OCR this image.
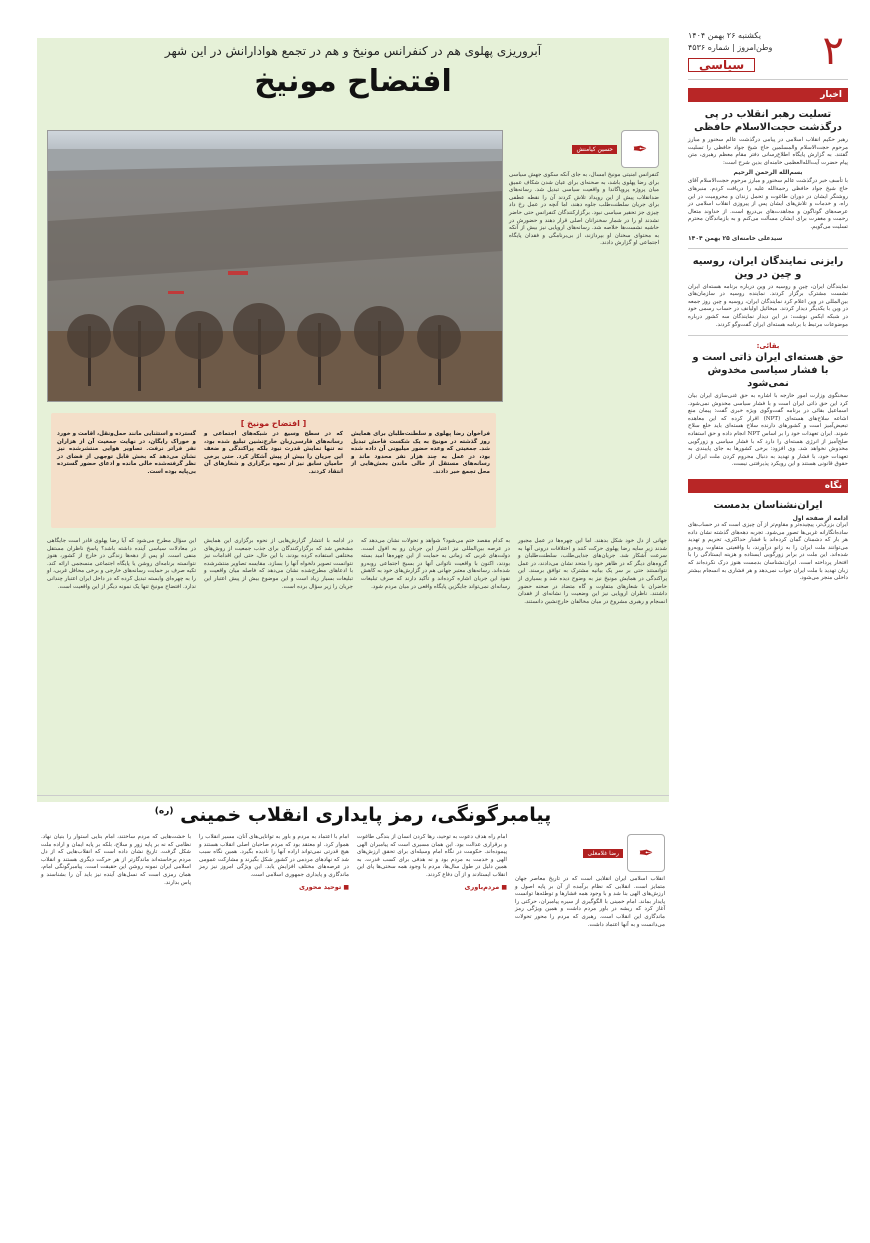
۲
یکشنبه ۲۶ بهمن ۱۴۰۴
وطن‌امروز | شماره ۴۵۳۶
سیاسی
اخبار
تسلیت رهبر انقلاب در پی درگذشت حجت‌الاسلام حافظی

رهبر حکیم انقلاب اسلامی در پیامی درگذشت عالم سخنور و مبارز مرحوم حجت‌الاسلام والمسلمین حاج شیخ جواد حافظی را تسلیت گفتند. به گزارش پایگاه اطلاع‌رسانی دفتر مقام معظم رهبری، متن پیام حضرت آیت‌الله‌العظمی خامنه‌ای بدین شرح است:

بسم‌الله الرحمن الرحیم

با تأسف خبر درگذشت عالم سخنور و مبارز مرحوم حجت‌الاسلام آقای حاج شیخ جواد حافظی رحمةالله علیه را دریافت کردم. منبرهای روشنگر ایشان در دوران طاغوت و تحمل زندان و محرومیت در این راه، و خدمات و تلاش‌های ایشان پس از پیروزی انقلاب اسلامی در عرصه‌های گوناگون و مجاهدت‌های بی‌دریغ است. از خداوند متعال رحمت و مغفرت برای ایشان مسألت می‌کنم و به بازماندگان محترم تسلیت می‌گویم.

سیدعلی خامنه‌ای ۲۵ بهمن ۱۴۰۴
رایزنی نمایندگان ایران، روسیه و چین در وین

نمایندگان ایران، چین و روسیه در وین درباره برنامه هسته‌ای ایران نشست مشترک برگزار کردند. نماینده روسیه در سازمان‌های بین‌المللی در وین اعلام کرد نمایندگان ایران، روسیه و چین روز جمعه در وین با یکدیگر دیدار کردند. میخائیل اولیانف در حساب رسمی خود در شبکه ایکس نوشت: در این دیدار نمایندگان سه کشور درباره موضوعات مرتبط با برنامه هسته‌ای ایران گفت‌وگو کردند.

بقائی:
حق هسته‌ای ایران ذاتی است و با فشار سیاسی مخدوش نمی‌شود

سخنگوی وزارت امور خارجه با اشاره به حق غنی‌سازی ایران بیان کرد این حق ذاتی ایران است و با فشار سیاسی مخدوش نمی‌شود. اسماعیل بقائی در برنامه گفت‌وگوی ویژه خبری گفت: پیمان منع اشاعه سلاح‌های هسته‌ای (NPT) اقرار کرده که این معاهده تبعیض‌آمیز است و کشورهای دارنده سلاح هسته‌ای باید خلع سلاح شوند. ایران تعهدات خود را بر اساس NPT انجام داده و حق استفاده صلح‌آمیز از انرژی هسته‌ای را دارد که با فشار سیاسی و زورگویی مخدوش نخواهد شد. وی افزود: برخی کشورها به جای پایبندی به تعهدات خود، با فشار و تهدید به دنبال محروم کردن ملت ایران از حقوق قانونی هستند و این رویکرد پذیرفتنی نیست.

نگاه
ایران‌نشناسان بدمست
ادامه از صفحه اول

ایران بزرگ‌تر، پیچیده‌تر و مقاوم‌تر از آن چیزی است که در حساب‌های ساده‌انگارانه غربی‌ها تصور می‌شود. تجربه دهه‌های گذشته نشان داده هر بار که دشمنان گمان کرده‌اند با فشار حداکثری، تحریم و تهدید می‌توانند ملت ایران را به زانو درآورند، با واقعیتی متفاوت روبه‌رو شده‌اند. این ملت در برابر زورگویی ایستاده و هزینه ایستادگی را با افتخار پرداخته است. ایران‌نشناسان بدمست هنوز درک نکرده‌اند که زبان تهدید با ملت ایران جواب نمی‌دهد و هر فشاری به انسجام بیشتر داخلی منجر می‌شود.

آبروریزی پهلوی هم در کنفرانس مونیخ و هم در تجمع هوادارانش در این شهر

افتضاح مونیخ
✒
حسین کیامنش

کنفرانس امنیتی مونیخ امسال، به جای آنکه سکوی جهش سیاسی برای رضا پهلوی باشد، به صحنه‌ای برای عیان شدن شکاف عمیق میان پروژه پروپاگاندا و واقعیت سیاسی تبدیل شد. رسانه‌های ضدانقلاب پیش از این رویداد تلاش کردند آن را نقطه عطفی برای جریان سلطنت‌طلب جلوه دهند، اما آنچه در عمل رخ داد چیزی جز تحقیر سیاسی نبود. برگزارکنندگان کنفرانس حتی حاضر نشدند او را در شمار سخنرانان اصلی قرار دهند و حضورش در حاشیه نشست‌ها خلاصه شد. رسانه‌های اروپایی نیز بیش از آنکه به محتوای سخنان او بپردازند، از بی‌برنامگی و فقدان پایگاه اجتماعی او گزارش دادند.

[ افتضاح مونیخ ]

فراخوان رضا پهلوی و سلطنت‌طلبان برای همایش روز گذشته در مونیخ به یک شکست فاحش تبدیل شد. جمعیتی که وعده حضور میلیونی آن داده شده بود، در عمل به چند هزار نفر محدود ماند و رسانه‌های مستقل از خالی ماندن بخش‌هایی از محل تجمع خبر دادند.

که در سطح وسیع در شبکه‌های اجتماعی و رسانه‌های فارسی‌زبان خارج‌نشین تبلیغ شده بود، نه تنها نمایش قدرت نبود بلکه پراکندگی و ضعف این جریان را بیش از پیش آشکار کرد. حتی برخی حامیان سابق نیز از نحوه برگزاری و شعارهای آن انتقاد کردند.

گسترده و استثنایی مانند حمل‌ونقل، اقامت و خورد و خوراک رایگان، در نهایت جمعیت آن از هزاران نفر فراتر نرفت. تصاویر هوایی منتشرشده نیز نشان می‌دهد که بخش قابل توجهی از فضای در نظر گرفته‌شده خالی مانده و ادعای حضور گسترده بی‌پایه بوده است.

جهانی از دل خود شکل بدهند. اما این چهره‌ها در عمل مجبور شدند زیر سایه رضا پهلوی حرکت کنند و اختلافات درونی آنها به سرعت آشکار شد. جریان‌های جدایی‌طلب، سلطنت‌طلبان و گروه‌های دیگر که در ظاهر خود را متحد نشان می‌دادند، در عمل نتوانستند حتی بر سر یک بیانیه مشترک به توافق برسند. این پراکندگی در همایش مونیخ نیز به وضوح دیده شد و بسیاری از حاضران با شعارهای متفاوت و گاه متضاد در صحنه حضور داشتند. ناظران اروپایی نیز این وضعیت را نشانه‌ای از فقدان انسجام و رهبری مشروع در میان مخالفان خارج‌نشین دانستند.

به کدام مقصد ختم می‌شود؟ شواهد و تحولات نشان می‌دهد که در عرصه بین‌المللی نیز اعتبار این جریان رو به افول است. دولت‌های غربی که زمانی به حمایت از این چهره‌ها امید بسته بودند، اکنون با واقعیت ناتوانی آنها در بسیج اجتماعی روبه‌رو شده‌اند. رسانه‌های معتبر جهانی هم در گزارش‌های خود به کاهش نفوذ این جریان اشاره کرده‌اند و تأکید دارند که صرف تبلیغات رسانه‌ای نمی‌تواند جایگزین پایگاه واقعی در میان مردم شود.

در ادامه با انتشار گزارش‌هایی از نحوه برگزاری این همایش مشخص شد که برگزارکنندگان برای جذب جمعیت از روش‌های مختلفی استفاده کرده بودند. با این حال، حتی این اقدامات نیز نتوانست تصویر دلخواه آنها را بسازد. مقایسه تصاویر منتشرشده با ادعاهای مطرح‌شده نشان می‌دهد که فاصله میان واقعیت و تبلیغات بسیار زیاد است و این موضوع بیش از پیش اعتبار این جریان را زیر سؤال برده است.

این سؤال مطرح می‌شود که آیا رضا پهلوی قادر است جایگاهی در معادلات سیاسی آینده داشته باشد؟ پاسخ ناظران مستقل منفی است. او پس از دهه‌ها زندگی در خارج از کشور، هنوز نتوانسته برنامه‌ای روشن یا پایگاه اجتماعی منسجمی ارائه کند. تکیه صرف بر حمایت رسانه‌های خارجی و برخی محافل غربی، او را به چهره‌ای وابسته تبدیل کرده که در داخل ایران اعتبار چندانی ندارد. افتضاح مونیخ تنها یک نمونه دیگر از این واقعیت است.

پیامبرگونگی، رمز پایداری انقلاب خمینی $^{(ره)}$
✒
رضا غلامعلی

انقلاب اسلامی ایران انقلابی است که در تاریخ معاصر جهان متمایز است. انقلابی که نظام برآمده از آن بر پایه اصول و ارزش‌های الهی بنا شد و با وجود همه فشارها و توطئه‌ها توانست پایدار بماند. امام خمینی با الگوگیری از سیره پیامبران، حرکتی را آغاز کرد که ریشه در باور مردم داشت و همین ویژگی رمز ماندگاری این انقلاب است. رهبری که مردم را محور تحولات می‌دانست و به آنها اعتماد داشت.

امام راه هدف دعوت به توحید، رها کردن انسان از بندگی طاغوت و برقراری عدالت بود. این همان مسیری است که پیامبران الهی پیموده‌اند. حکومت در نگاه امام وسیله‌ای برای تحقق ارزش‌های الهی و خدمت به مردم بود و نه هدفی برای کسب قدرت. به همین دلیل در طول سال‌ها، مردم با وجود همه سختی‌ها پای این انقلاب ایستادند و از آن دفاع کردند.

■مردم‌باوری

امام با اعتماد به مردم و باور به توانایی‌های آنان، مسیر انقلاب را هموار کرد. او معتقد بود که مردم صاحبان اصلی انقلاب هستند و هیچ قدرتی نمی‌تواند اراده آنها را نادیده بگیرد. همین نگاه سبب شد که نهادهای مردمی در کشور شکل بگیرند و مشارکت عمومی در عرصه‌های مختلف افزایش یابد. این ویژگی امروز نیز رمز ماندگاری و پایداری جمهوری اسلامی است.

■توحید محوری

با خشت‌هایی که مردم ساختند، امام بنایی استوار را بنیان نهاد. نظامی که نه بر پایه زور و سلاح، بلکه بر پایه ایمان و اراده ملت شکل گرفت. تاریخ نشان داده است که انقلاب‌هایی که از دل مردم برخاسته‌اند ماندگارتر از هر حرکت دیگری هستند و انقلاب اسلامی ایران نمونه روشن این حقیقت است. پیامبرگونگی امام، همان رمزی است که نسل‌های آینده نیز باید آن را بشناسند و پاس بدارند.
